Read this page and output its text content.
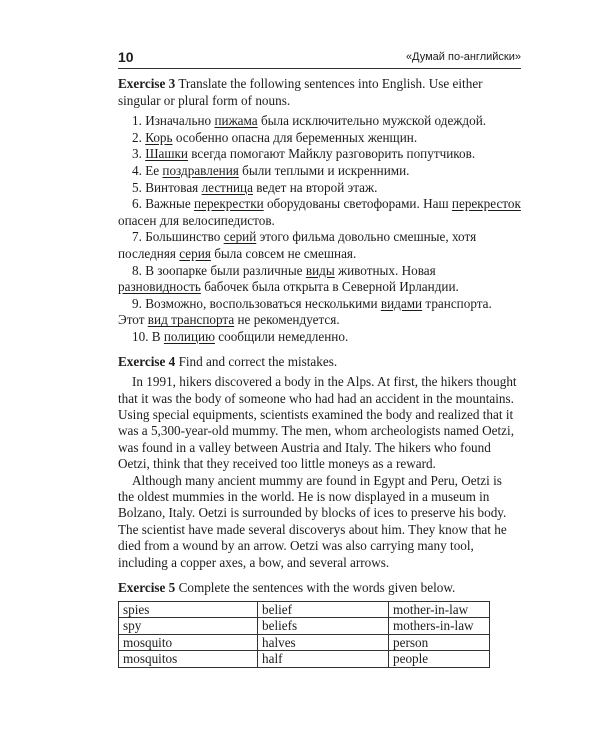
10	«Думай по-английски»

Exercise 3 Translate the following sentences into English. Use either singular or plural form of nouns.

1. Изначально пижама была исключительно мужской одеждой.
2. Корь особенно опасна для беременных женщин.
3. Шашки всегда помогают Майклу разговорить попутчиков.
4. Ее поздравления были теплыми и искренними.
5. Винтовая лестница ведет на второй этаж.
6. Важные перекрестки оборудованы светофорами. Наш перекресток опасен для велосипедистов.
7. Большинство серий этого фильма довольно смешные, хотя последняя серия была совсем не смешная.
8. В зоопарке были различные виды животных. Новая разновидность бабочек была открыта в Северной Ирландии.
9. Возможно, воспользоваться несколькими видами транспорта. Этот вид транспорта не рекомендуется.
10. В полицию сообщили немедленно.

Exercise 4 Find and correct the mistakes.

In 1991, hikers discovered a body in the Alps. At first, the hikers thought that it was the body of someone who had had an accident in the mountains. Using special equipments, scientists examined the body and realized that it was a 5,300-year-old mummy. The men, whom archeologists named Oetzi, was found in a valley between Austria and Italy. The hikers who found Oetzi, think that they received too little moneys as a reward.

Although many ancient mummy are found in Egypt and Peru, Oetzi is the oldest mummies in the world. He is now displayed in a museum in Bolzano, Italy. Oetzi is surrounded by blocks of ices to preserve his body. The scientist have made several discoverys about him. They know that he died from a wound by an arrow. Oetzi was also carrying many tool, including a copper axes, a bow, and several arrows.

Exercise 5 Complete the sentences with the words given below.

spies	belief	mother-in-law
spy	beliefs	mothers-in-law
mosquito	halves	person
mosquitos	half	people
